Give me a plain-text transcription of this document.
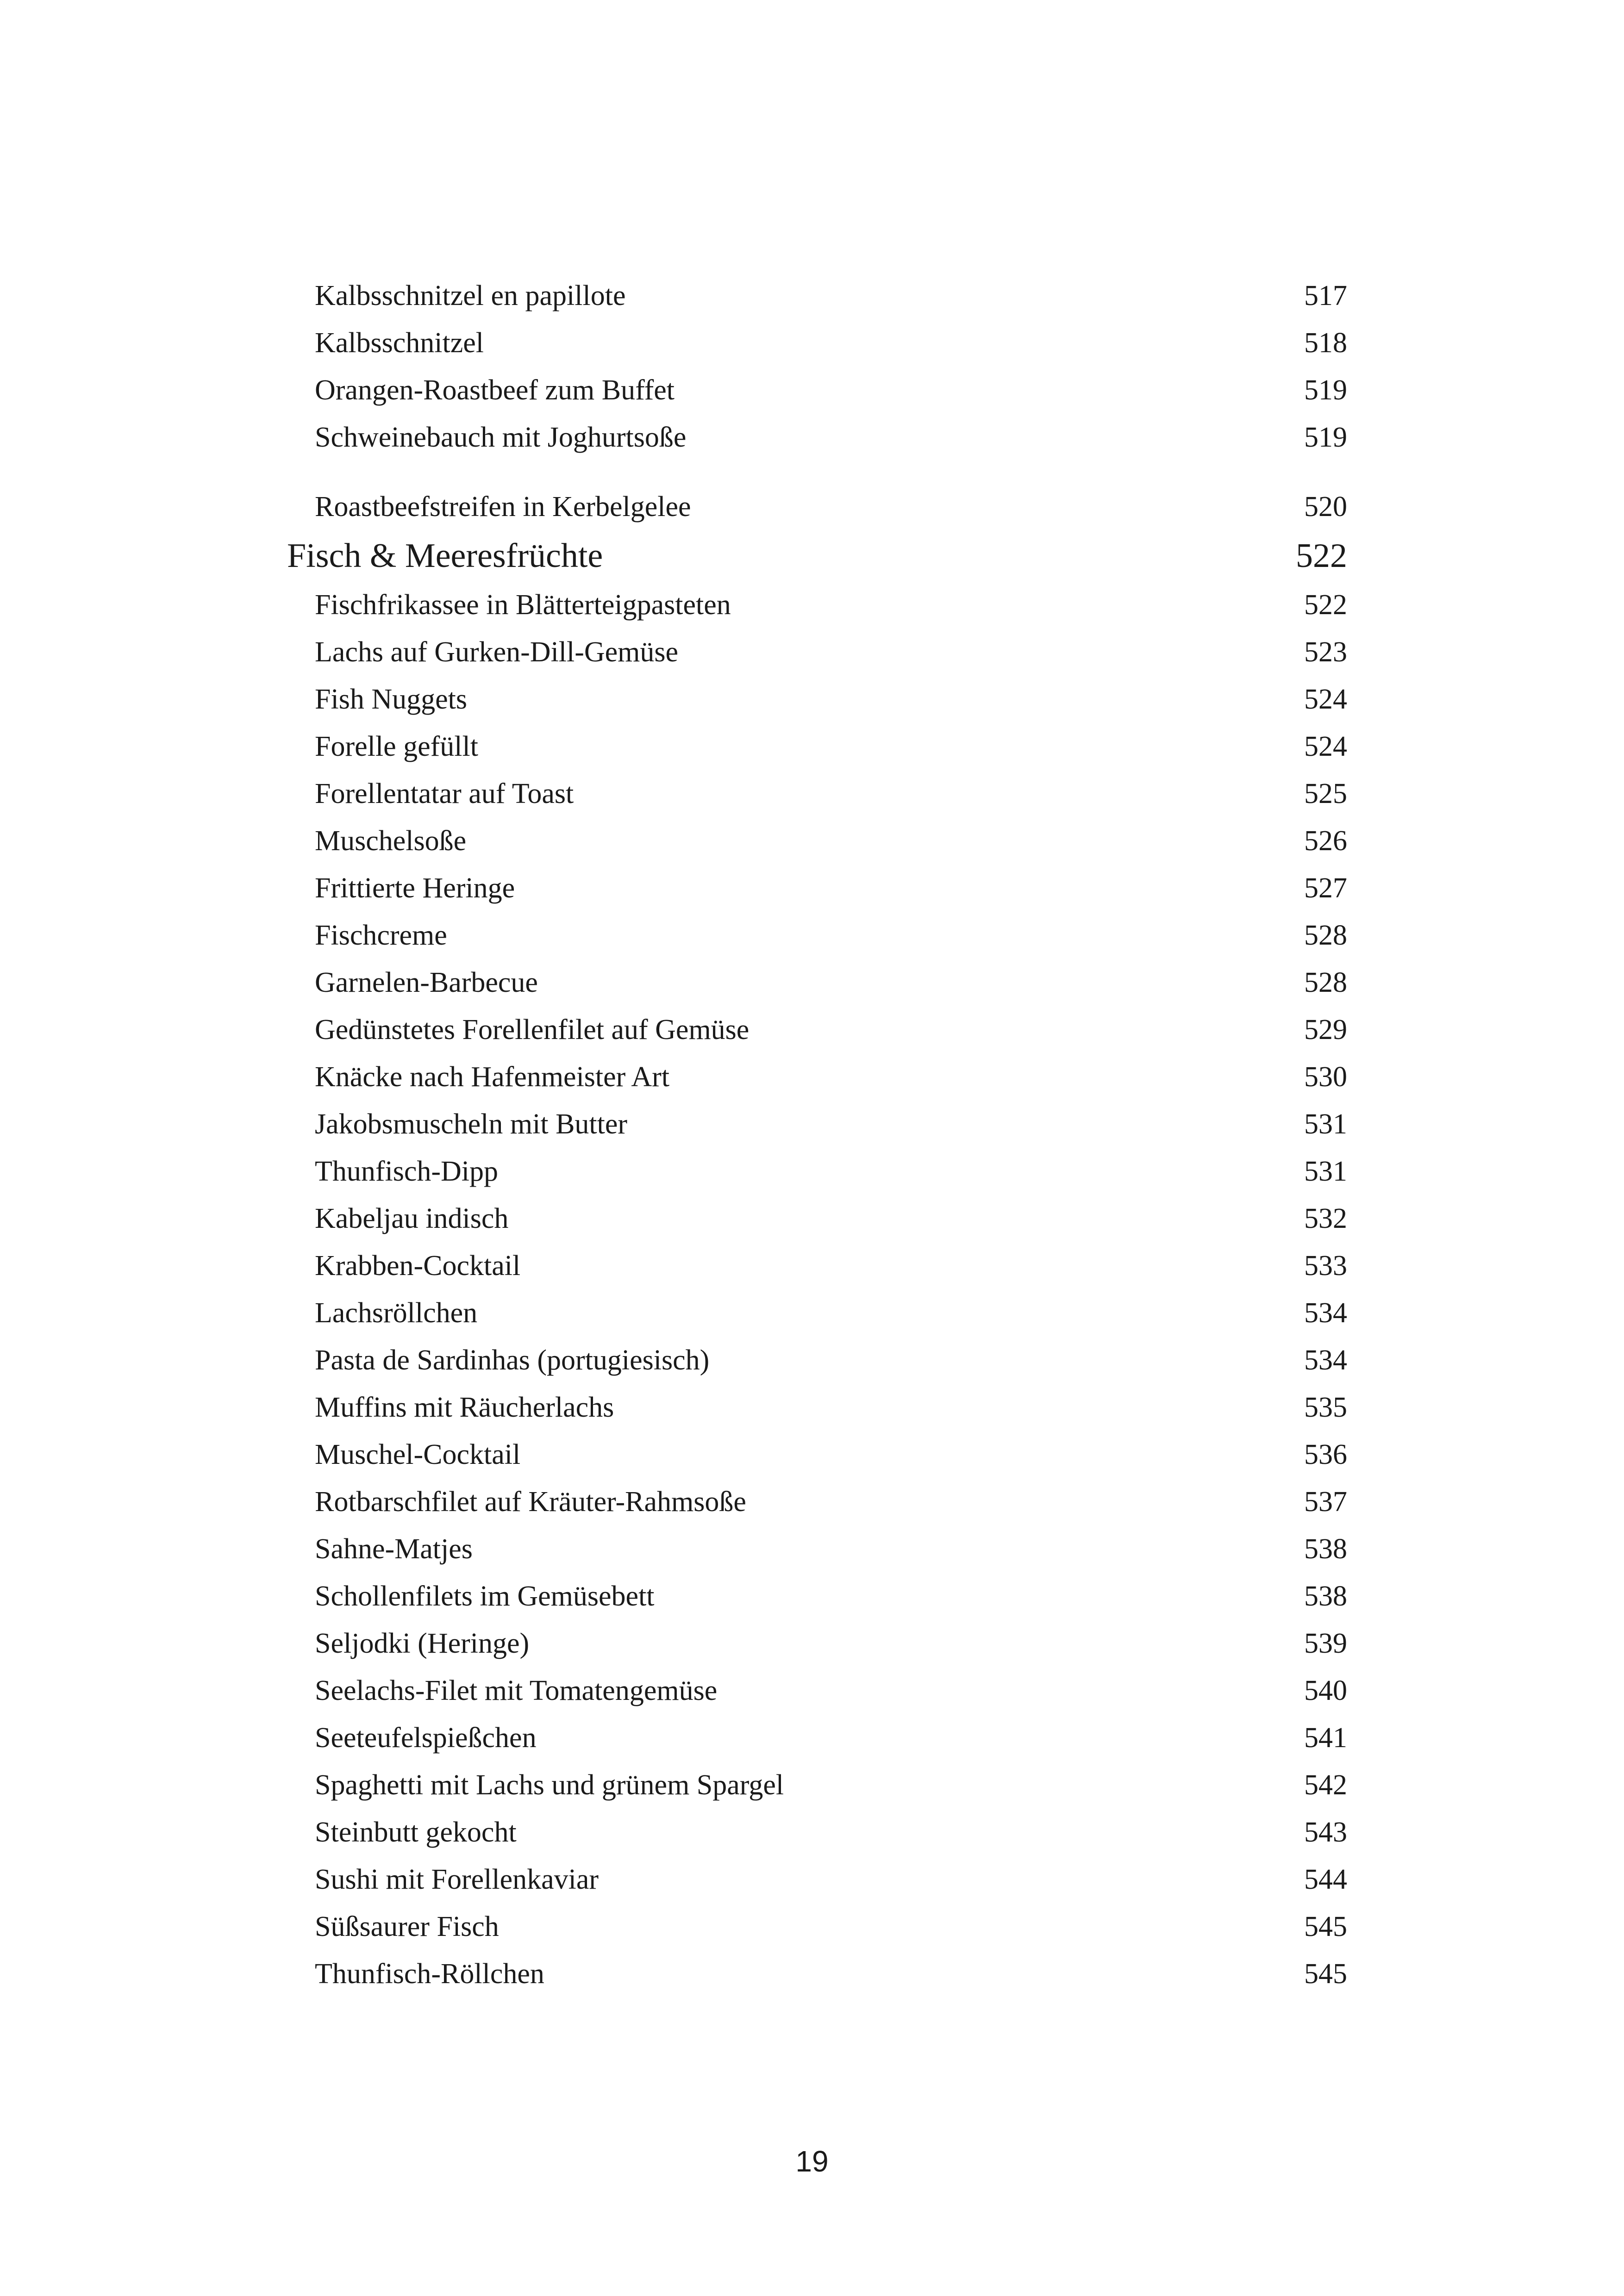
Kalbsschnitzel en papillote	517
Kalbsschnitzel	518
Orangen-Roastbeef zum Buffet	519
Schweinebauch mit Joghurtsoße	519
Roastbeefstreifen in Kerbelgelee	520
Fisch & Meeresfrüchte	522
Fischfrikassee in Blätterteigpasteten	522
Lachs auf Gurken-Dill-Gemüse	523
Fish Nuggets	524
Forelle gefüllt	524
Forellentatar auf Toast	525
Muschelsoße	526
Frittierte Heringe	527
Fischcreme	528
Garnelen-Barbecue	528
Gedünstetes Forellenfilet auf Gemüse	529
Knäcke nach Hafenmeister Art	530
Jakobsmuscheln mit Butter	531
Thunfisch-Dipp	531
Kabeljau indisch	532
Krabben-Cocktail	533
Lachsröllchen	534
Pasta de Sardinhas (portugiesisch)	534
Muffins mit Räucherlachs	535
Muschel-Cocktail	536
Rotbarschfilet auf Kräuter-Rahmsoße	537
Sahne-Matjes	538
Schollenfilets im Gemüsebett	538
Seljodki (Heringe)	539
Seelachs-Filet mit Tomatengemüse	540
Seeteufelspießchen	541
Spaghetti mit Lachs und grünem Spargel	542
Steinbutt gekocht	543
Sushi mit Forellenkaviar	544
Süßsaurer Fisch	545
Thunfisch-Röllchen	545
19
